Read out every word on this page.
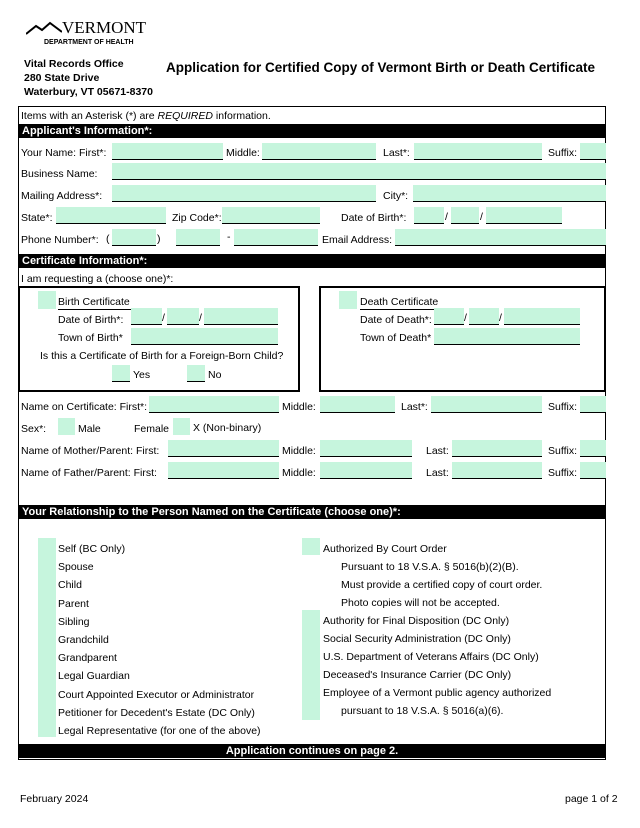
VERMONT
DEPARTMENT OF HEALTH
Vital Records Office
280 State Drive
Waterbury, VT 05671-8370
Application for Certified Copy of Vermont Birth or Death Certificate
Items with an Asterisk (*) are REQUIRED information.
Applicant's Information*:
Your Name: First*:	Middle:	Last*:	Suffix:
Business Name:
Mailing Address*:	City*:
State*:	Zip Code*:	Date of Birth*:	/	/
Phone Number*: (	)	-	Email Address:
Certificate Information*:
I am requesting a (choose one)*:
Birth Certificate
Date of Birth*:	/	/
Town of Birth*
Is this a Certificate of Birth for a Foreign-Born Child?
Yes	No
Death Certificate
Date of Death*:	/	/
Town of Death*
Name on Certificate: First*:	Middle:	Last*:	Suffix:
Sex*:	Male	Female X (Non-binary)
Name of Mother/Parent: First:	Middle:	Last:	Suffix:
Name of Father/Parent: First:	Middle:	Last:	Suffix:
Your Relationship to the Person Named on the Certificate (choose one)*:
Self (BC Only)
Spouse
Child
Parent
Sibling
Grandchild
Grandparent
Legal Guardian
Court Appointed Executor or Administrator
Petitioner for Decedent's Estate (DC Only)
Legal Representative (for one of the above)
Authorized By Court Order
Pursuant to 18 V.S.A. § 5016(b)(2)(B).
Must provide a certified copy of court order.
Photo copies will not be accepted.
Authority for Final Disposition (DC Only)
Social Security Administration (DC Only)
U.S. Department of Veterans Affairs (DC Only)
Deceased's Insurance Carrier (DC Only)
Employee of a Vermont public agency authorized
pursuant to 18 V.S.A. § 5016(a)(6).
Application continues on page 2.
February 2024	page 1 of 2
